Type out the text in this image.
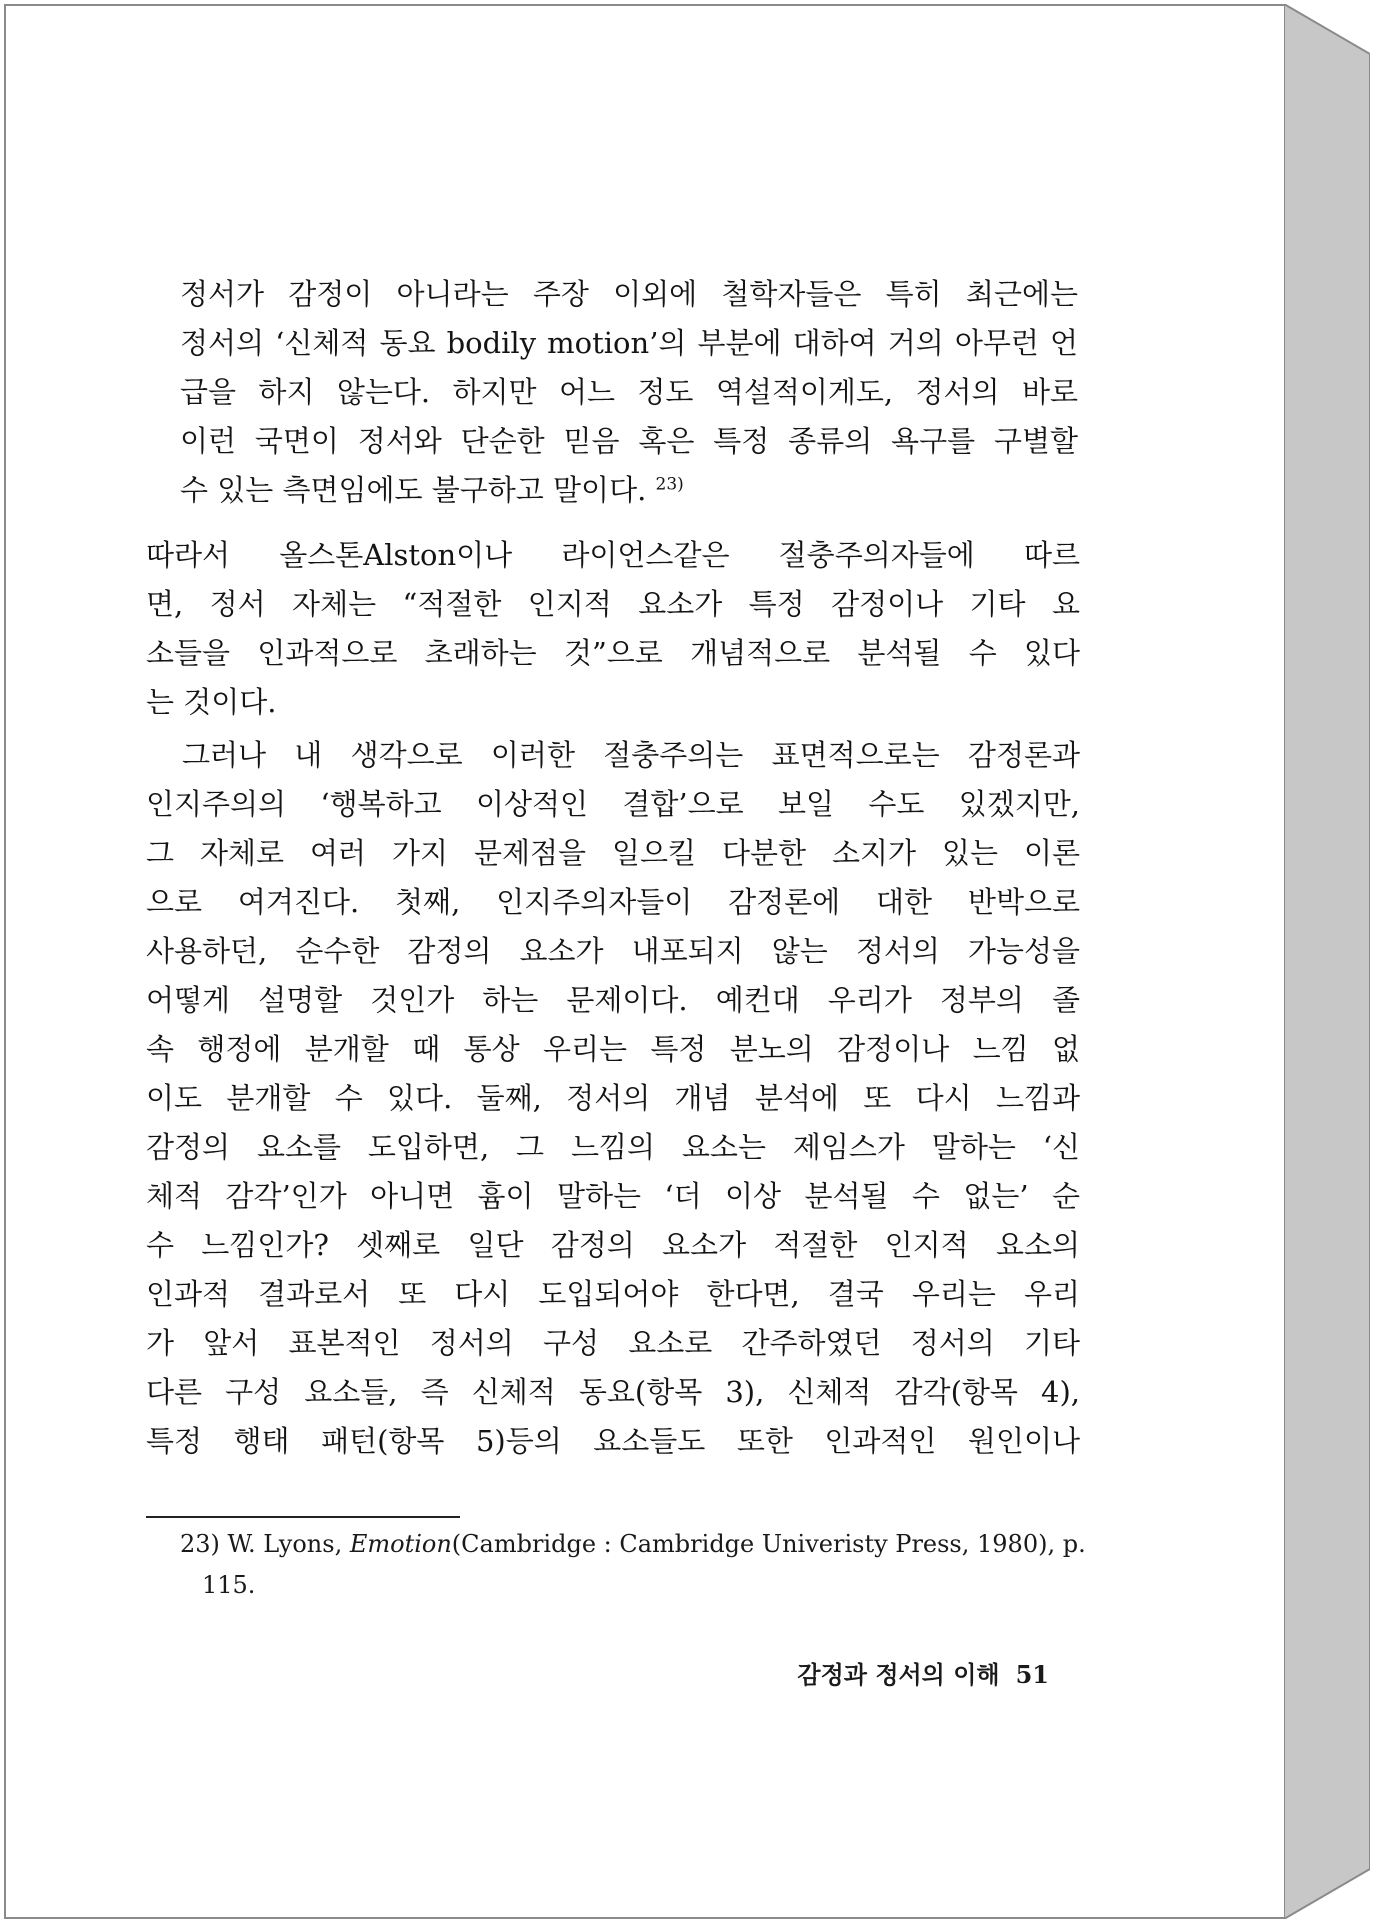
정서가 감정이 아니라는 주장 이외에 철학자들은 특히 최근에는
정서의 ‘신체적 동요 bodily motion’의 부분에 대하여 거의 아무런 언
급을 하지 않는다. 하지만 어느 정도 역설적이게도, 정서의 바로
이런 국면이 정서와 단순한 믿음 혹은 특정 종류의 욕구를 구별할
수 있는 측면임에도 불구하고 말이다. $^{23)}$
따라서 올스톤Alston이나 라이언스같은 절충주의자들에 따르
면, 정서 자체는 “적절한 인지적 요소가 특정 감정이나 기타 요
소들을 인과적으로 초래하는 것”으로 개념적으로 분석될 수 있다
는 것이다.
그러나 내 생각으로 이러한 절충주의는 표면적으로는 감정론과
인지주의의 ‘행복하고 이상적인 결합’으로 보일 수도 있겠지만,
그 자체로 여러 가지 문제점을 일으킬 다분한 소지가 있는 이론
으로 여겨진다. 첫째, 인지주의자들이 감정론에 대한 반박으로
사용하던, 순수한 감정의 요소가 내포되지 않는 정서의 가능성을
어떻게 설명할 것인가 하는 문제이다. 예컨대 우리가 정부의 졸
속 행정에 분개할 때 통상 우리는 특정 분노의 감정이나 느낌 없
이도 분개할 수 있다. 둘째, 정서의 개념 분석에 또 다시 느낌과
감정의 요소를 도입하면, 그 느낌의 요소는 제임스가 말하는 ‘신
체적 감각’인가 아니면 흄이 말하는 ‘더 이상 분석될 수 없는’ 순
수 느낌인가? 셋째로 일단 감정의 요소가 적절한 인지적 요소의
인과적 결과로서 또 다시 도입되어야 한다면, 결국 우리는 우리
가 앞서 표본적인 정서의 구성 요소로 간주하였던 정서의 기타
다른 구성 요소들, 즉 신체적 동요(항목 3), 신체적 감각(항목 4),
특정 행태 패턴(항목 5)등의 요소들도 또한 인과적인 원인이나
23) W. Lyons, Emotion(Cambridge : Cambridge Univeristy Press, 1980), p.
115.
감정과 정서의 이해 51
